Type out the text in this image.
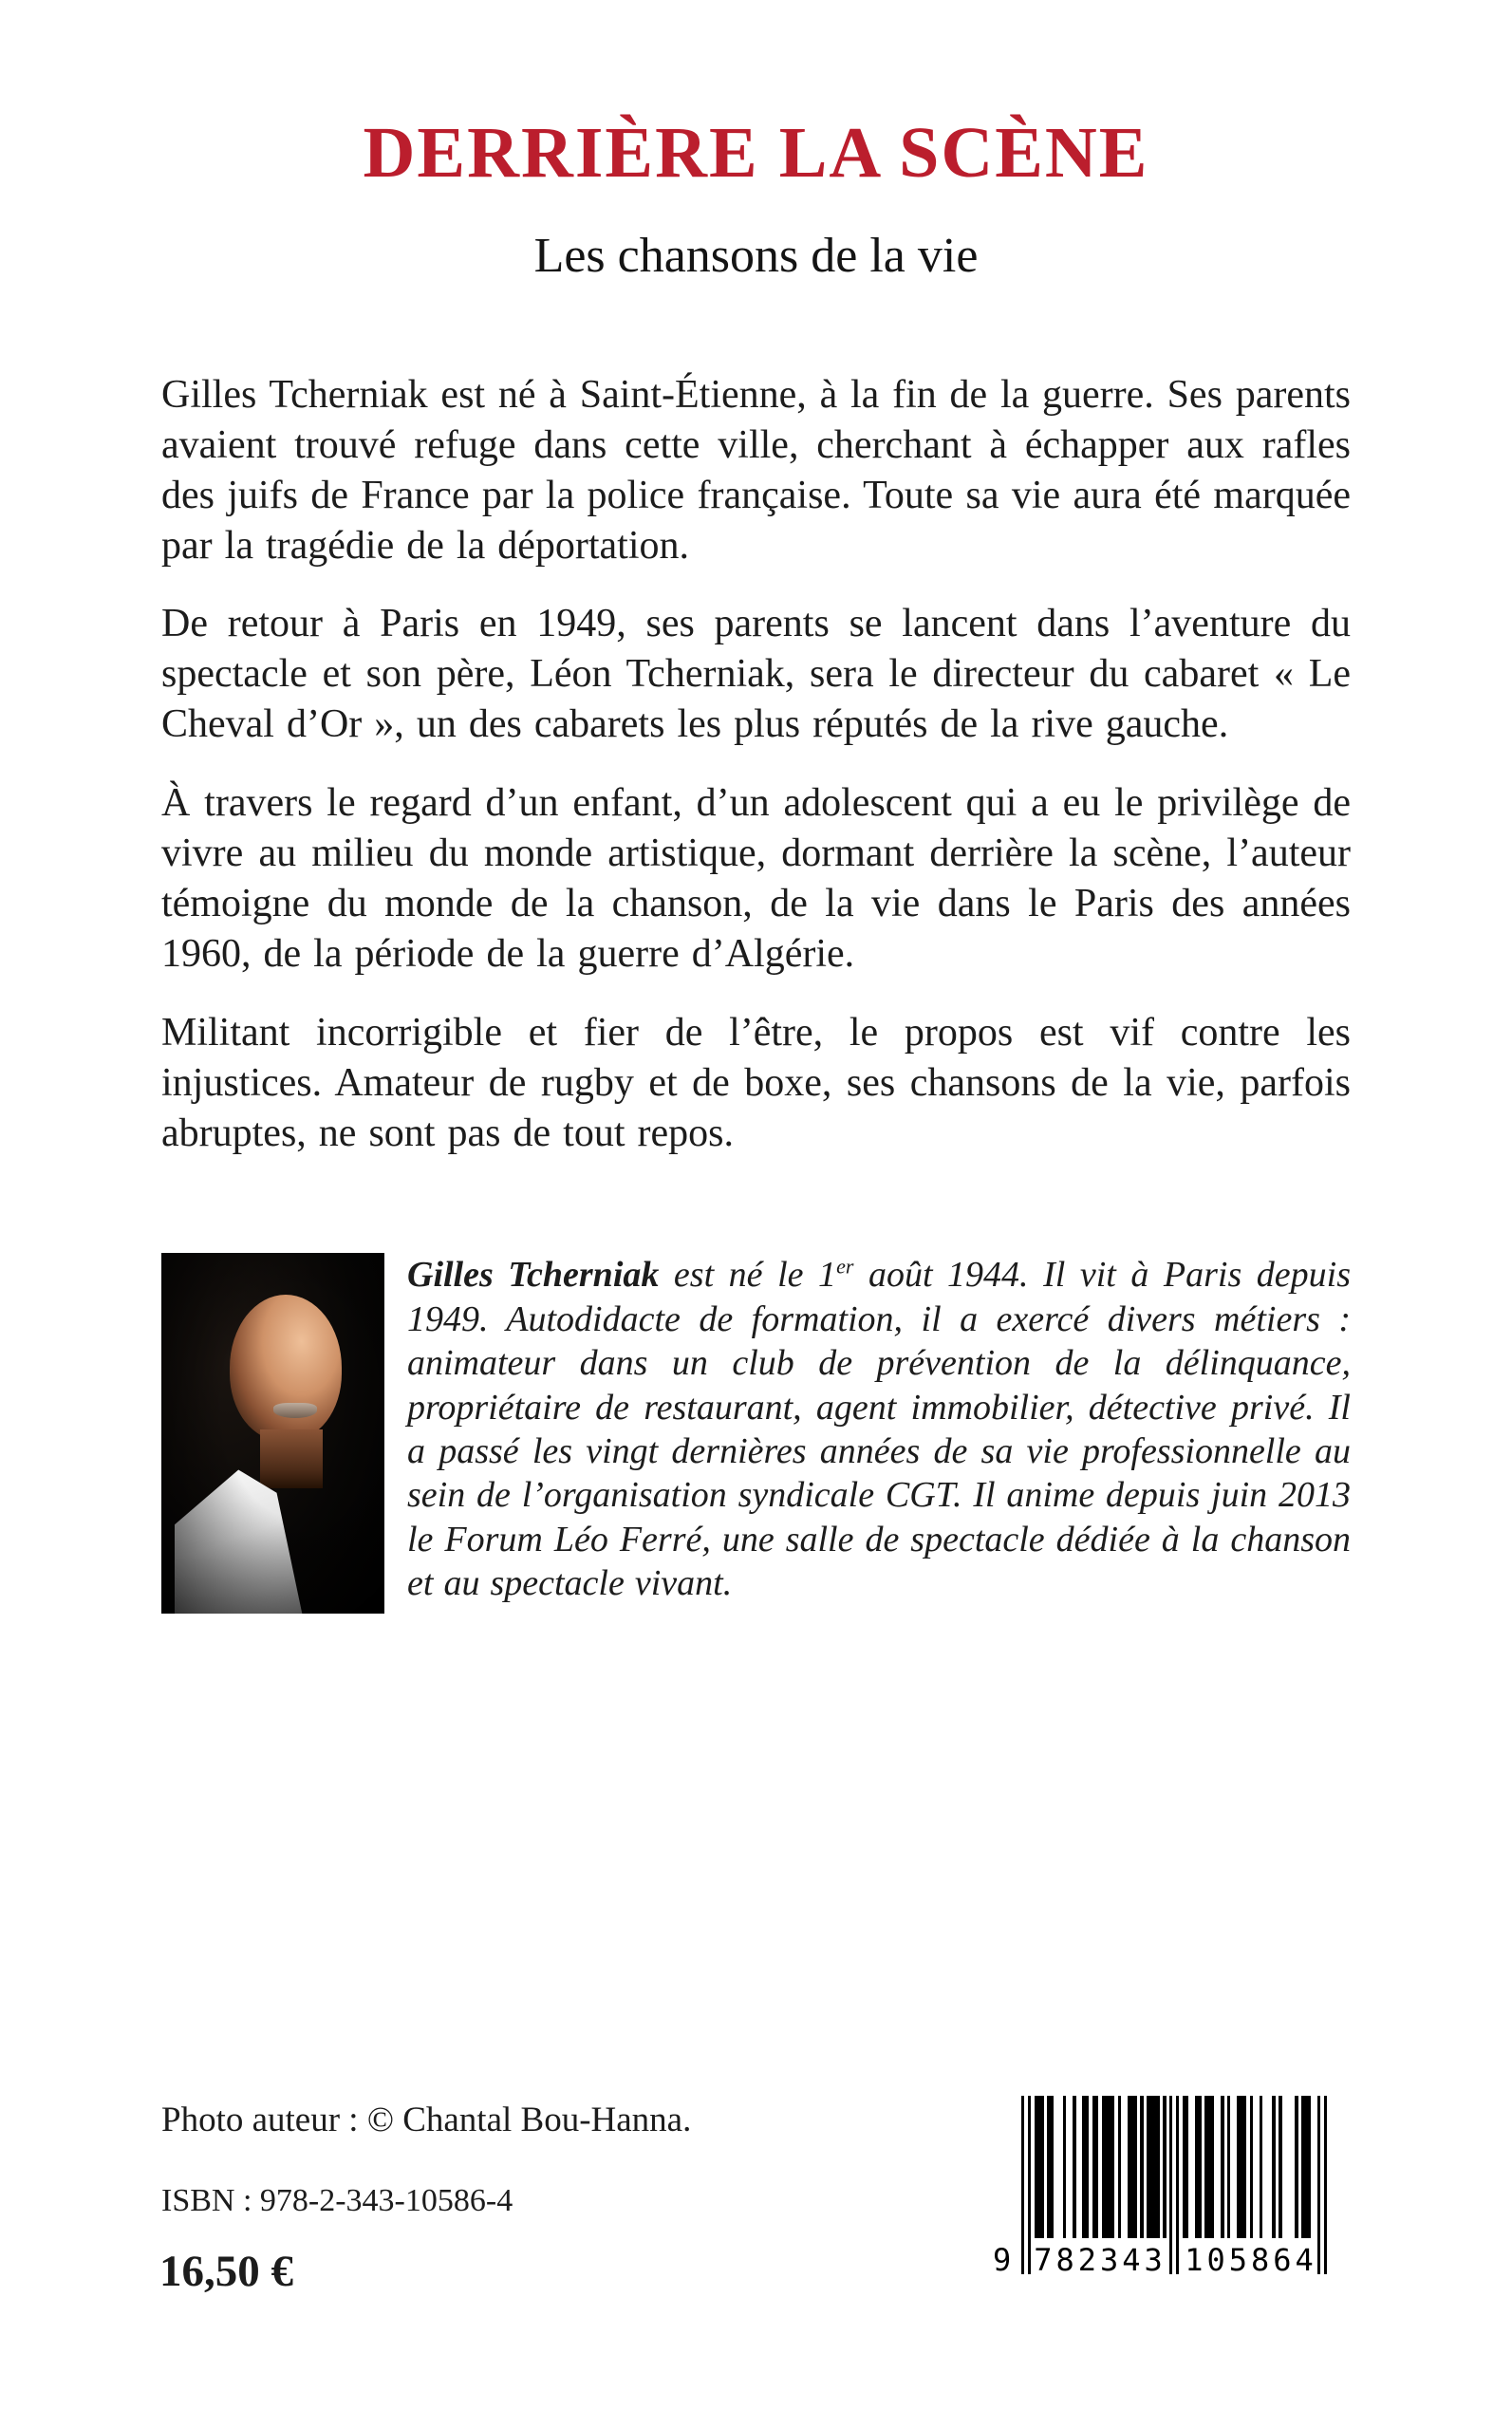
DERRIÈRE LA SCÈNE
Les chansons de la vie

Gilles Tcherniak est né à Saint-Étienne, à la fin de la guerre. Ses parents avaient trouvé refuge dans cette ville, cherchant à échapper aux rafles des juifs de France par la police française. Toute sa vie aura été marquée par la tragédie de la déportation.

De retour à Paris en 1949, ses parents se lancent dans l’aventure du spectacle et son père, Léon Tcherniak, sera le directeur du cabaret « Le Cheval d’Or », un des cabarets les plus réputés de la rive gauche.

À travers le regard d’un enfant, d’un adolescent qui a eu le privilège de vivre au milieu du monde artistique, dormant derrière la scène, l’auteur témoigne du monde de la chanson, de la vie dans le Paris des années 1960, de la période de la guerre d’Algérie.

Militant incorrigible et fier de l’être, le propos est vif contre les injustices. Amateur de rugby et de boxe, ses chansons de la vie, parfois abruptes, ne sont pas de tout repos.

Gilles Tcherniak est né le 1er août 1944. Il vit à Paris depuis 1949. Autodidacte de formation, il a exercé divers métiers : animateur dans un club de prévention de la délinquance, propriétaire de restaurant, agent immobilier, détective privé. Il a passé les vingt dernières années de sa vie professionnelle au sein de l’organisation syndicale CGT. Il anime depuis juin 2013 le Forum Léo Ferré, une salle de spectacle dédiée à la chanson et au spectacle vivant.

Photo auteur : © Chantal Bou-Hanna.
ISBN : 978-2-343-10586-4
16,50 €	9 782343 105864
